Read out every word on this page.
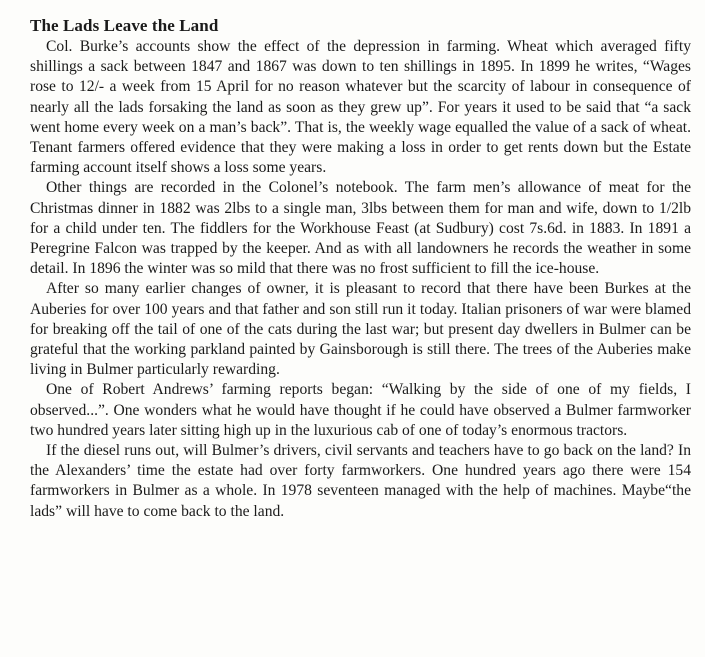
The Lads Leave the Land

Col. Burke’s accounts show the effect of the depression in farming. Wheat which averaged fifty shillings a sack between 1847 and 1867 was down to ten shillings in 1895. In 1899 he writes, “Wages rose to 12/- a week from 15 April for no reason whatever but the scarcity of labour in consequence of nearly all the lads forsaking the land as soon as they grew up”. For years it used to be said that “a sack went home every week on a man’s back”. That is, the weekly wage equalled the value of a sack of wheat. Tenant farmers offered evidence that they were making a loss in order to get rents down but the Estate farming account itself shows a loss some years.

Other things are recorded in the Colonel’s notebook. The farm men’s allowance of meat for the Christmas dinner in 1882 was 2lbs to a single man, 3lbs between them for man and wife, down to 1/2lb for a child under ten. The fiddlers for the Workhouse Feast (at Sudbury) cost 7s.6d. in 1883. In 1891 a Peregrine Falcon was trapped by the keeper. And as with all landowners he records the weather in some detail. In 1896 the winter was so mild that there was no frost sufficient to fill the ice-house.

After so many earlier changes of owner, it is pleasant to record that there have been Burkes at the Auberies for over 100 years and that father and son still run it today. Italian prisoners of war were blamed for breaking off the tail of one of the cats during the last war; but present day dwellers in Bulmer can be grateful that the working parkland painted by Gainsborough is still there. The trees of the Auberies make living in Bulmer particularly rewarding.

One of Robert Andrews’ farming reports began: “Walking by the side of one of my fields, I observed...”. One wonders what he would have thought if he could have observed a Bulmer farmworker two hundred years later sitting high up in the luxurious cab of one of today’s enormous tractors.

If the diesel runs out, will Bulmer’s drivers, civil servants and teachers have to go back on the land? In the Alexanders’ time the estate had over forty farmworkers. One hundred years ago there were 154 farmworkers in Bulmer as a whole. In 1978 seventeen managed with the help of machines. Maybe“the lads” will have to come back to the land.
